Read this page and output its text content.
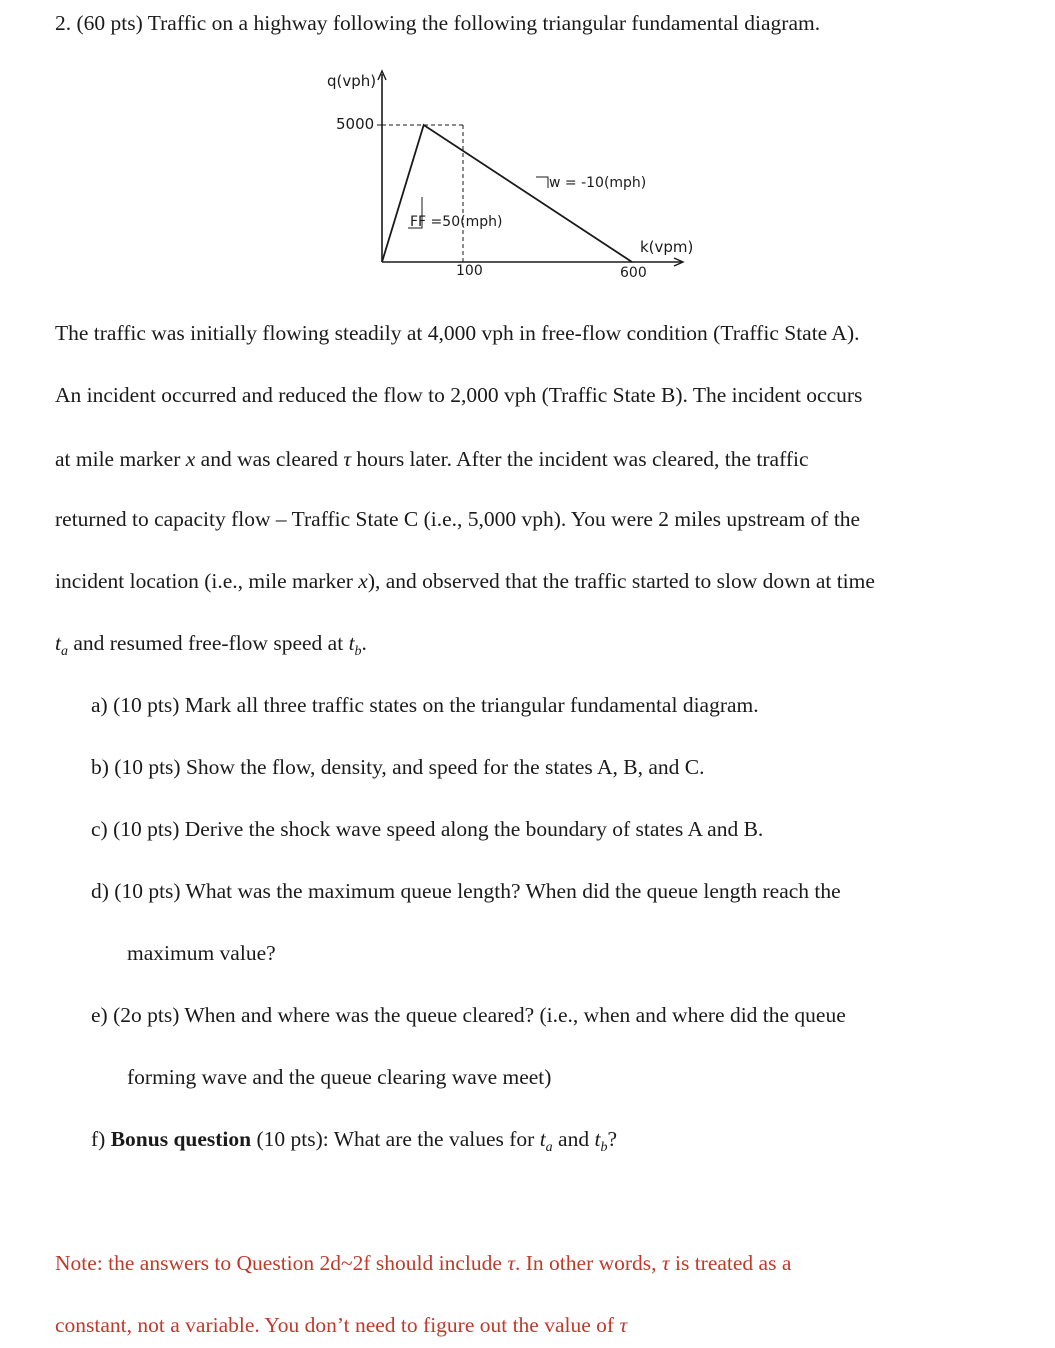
2. (60 pts) Traffic on a highway following the following triangular fundamental diagram.
q(vph)
5000
w = -10(mph)
FF =50(mph)
k(vpm)
100	600
The traffic was initially flowing steadily at 4,000 vph in free-flow condition (Traffic State A).
An incident occurred and reduced the flow to 2,000 vph (Traffic State B). The incident occurs
at mile marker x and was cleared τ hours later. After the incident was cleared, the traffic
returned to capacity flow – Traffic State C (i.e., 5,000 vph). You were 2 miles upstream of the
incident location (i.e., mile marker x), and observed that the traffic started to slow down at time
$t_a$ and resumed free-flow speed at $t_b$.
a) (10 pts) Mark all three traffic states on the triangular fundamental diagram.
b) (10 pts) Show the flow, density, and speed for the states A, B, and C.
c) (10 pts) Derive the shock wave speed along the boundary of states A and B.
d) (10 pts) What was the maximum queue length? When did the queue length reach the
maximum value?
e) (2o pts) When and where was the queue cleared? (i.e., when and where did the queue
forming wave and the queue clearing wave meet)
f) Bonus question (10 pts): What are the values for $t_a$ and $t_b$?
Note: the answers to Question 2d~2f should include τ. In other words, τ is treated as a
constant, not a variable. You don’t need to figure out the value of τ
